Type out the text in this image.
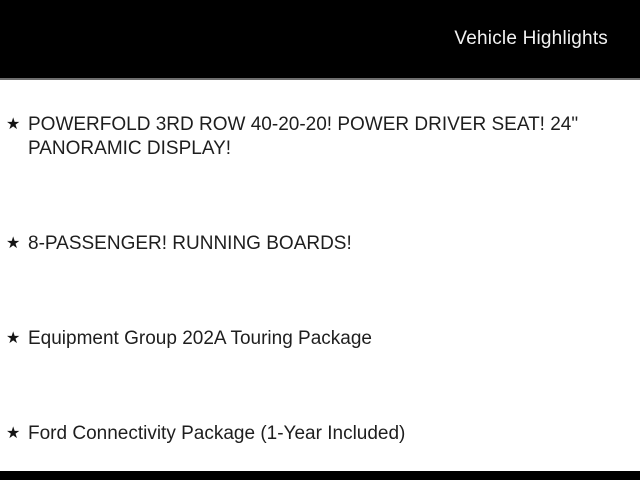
Vehicle Highlights
★ POWERFOLD 3RD ROW 40-20-20! POWER DRIVER SEAT! 24" PANORAMIC DISPLAY!
★ 8-PASSENGER! RUNNING BOARDS!
★ Equipment Group 202A Touring Package
★ Ford Connectivity Package (1-Year Included)
